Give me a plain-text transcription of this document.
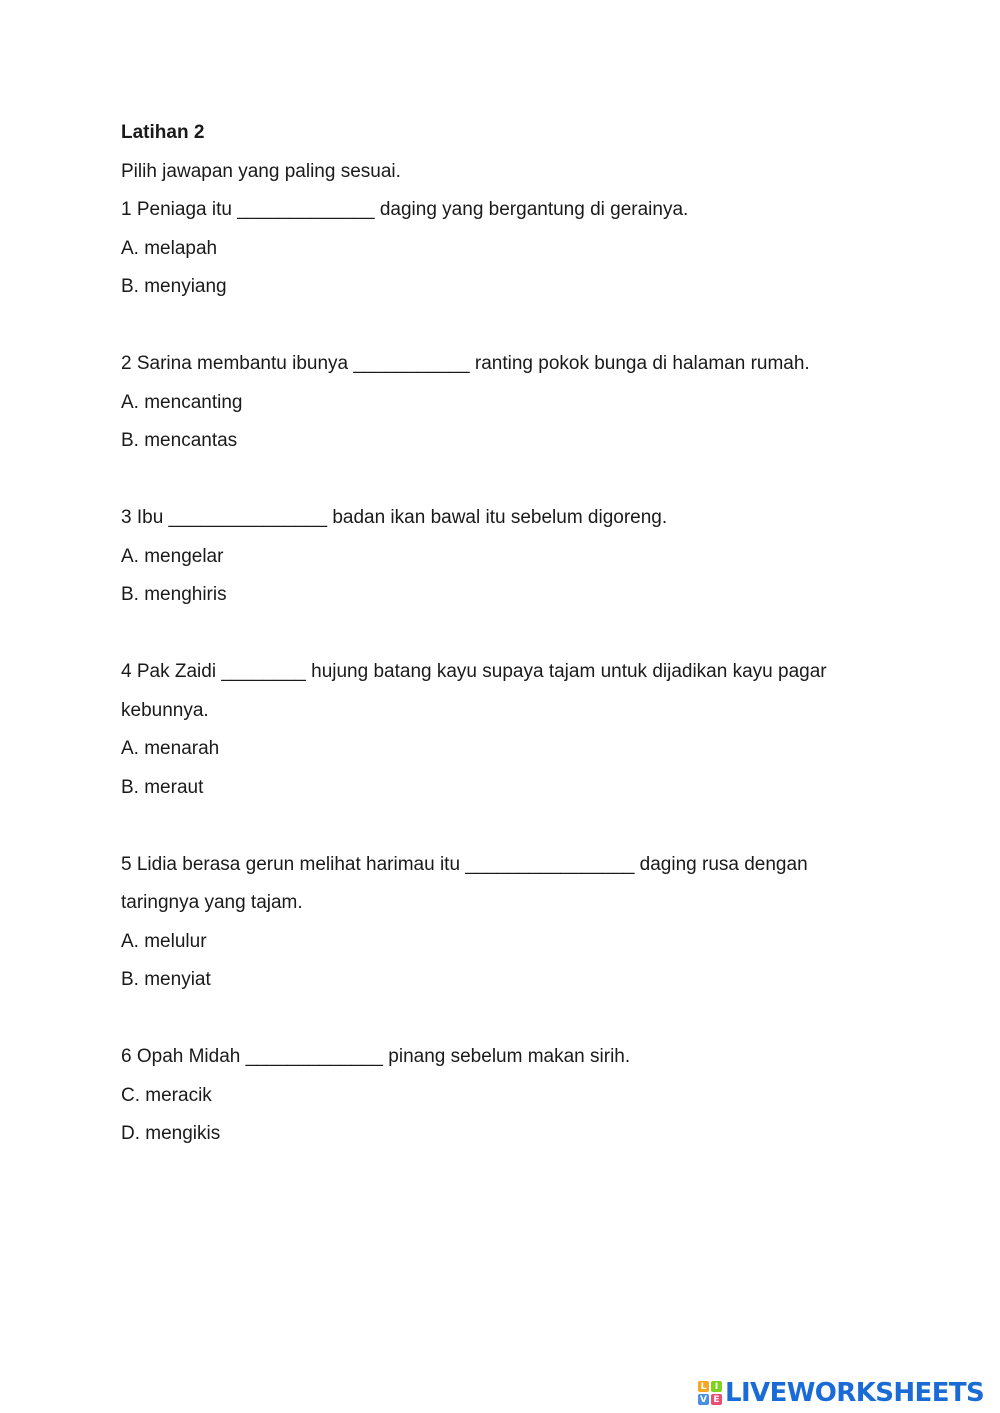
Latihan 2

Pilih jawapan yang paling sesuai.

1 Peniaga itu _____________ daging yang bergantung di gerainya.

A. melapah

B. menyiang

2 Sarina membantu ibunya ___________ ranting pokok bunga di halaman rumah.

A. mencanting

B. mencantas

3 Ibu _______________ badan ikan bawal itu sebelum digoreng.

A. mengelar

B. menghiris

4 Pak Zaidi ________ hujung batang kayu supaya tajam untuk dijadikan kayu pagar

kebunnya.

A. menarah

B. meraut

5 Lidia berasa gerun melihat harimau itu ________________ daging rusa dengan

taringnya yang tajam.

A. melulur

B. menyiat

6 Opah Midah _____________ pinang sebelum makan sirih.

C. meracik

D. mengikis

L I
V E LIVEWORKSHEETS
